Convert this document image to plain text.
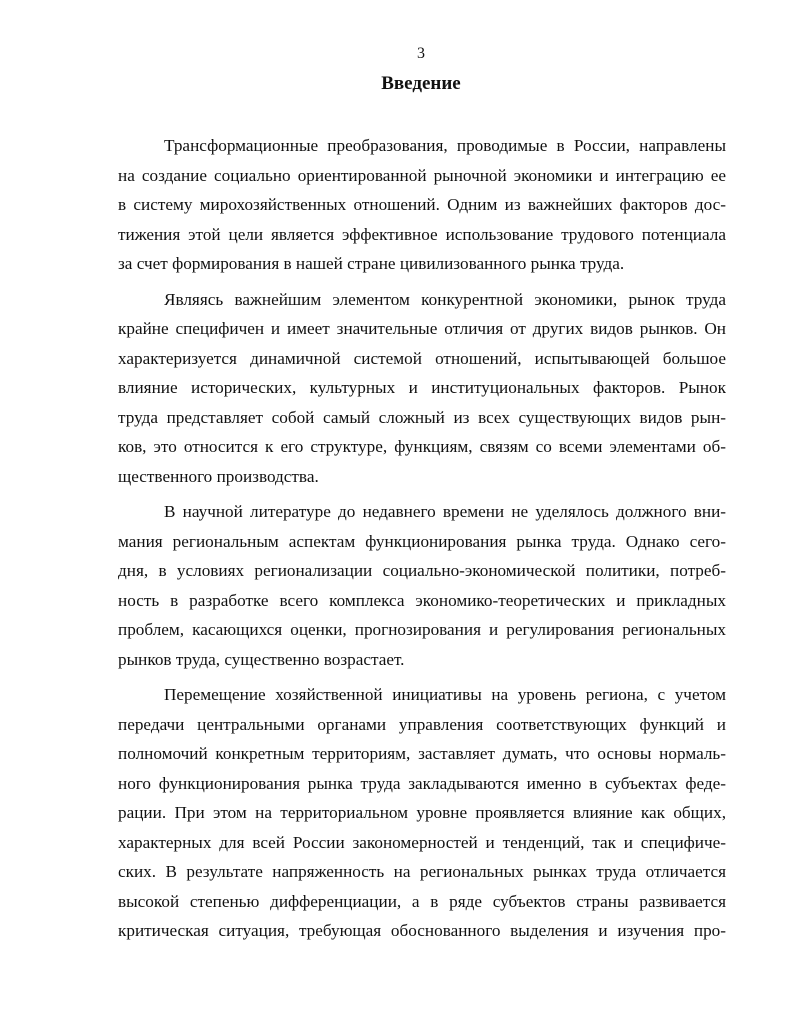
3
Введение

Трансформационные преобразования, проводимые в России, направлены
на создание социально ориентированной рыночной экономики и интеграцию ее
в систему мирохозяйственных отношений. Одним из важнейших факторов дос-
тижения этой цели является эффективное использование трудового потенциала
за счет формирования в нашей стране цивилизованного рынка труда.

Являясь важнейшим элементом конкурентной экономики, рынок труда
крайне специфичен и имеет значительные отличия от других видов рынков. Он
характеризуется динамичной системой отношений, испытывающей большое
влияние исторических, культурных и институциональных факторов. Рынок
труда представляет собой самый сложный из всех существующих видов рын-
ков, это относится к его структуре, функциям, связям со всеми элементами об-
щественного производства.

В научной литературе до недавнего времени не уделялось должного вни-
мания региональным аспектам функционирования рынка труда. Однако сего-
дня, в условиях регионализации социально-экономической политики, потреб-
ность в разработке всего комплекса экономико-теоретических и прикладных
проблем, касающихся оценки, прогнозирования и регулирования региональных
рынков труда, существенно возрастает.

Перемещение хозяйственной инициативы на уровень региона, с учетом
передачи центральными органами управления соответствующих функций и
полномочий конкретным территориям, заставляет думать, что основы нормаль-
ного функционирования рынка труда закладываются именно в субъектах феде-
рации. При этом на территориальном уровне проявляется влияние как общих,
характерных для всей России закономерностей и тенденций, так и специфиче-
ских. В результате напряженность на региональных рынках труда отличается
высокой степенью дифференциации, а в ряде субъектов страны развивается
критическая ситуация, требующая обоснованного выделения и изучения про-
